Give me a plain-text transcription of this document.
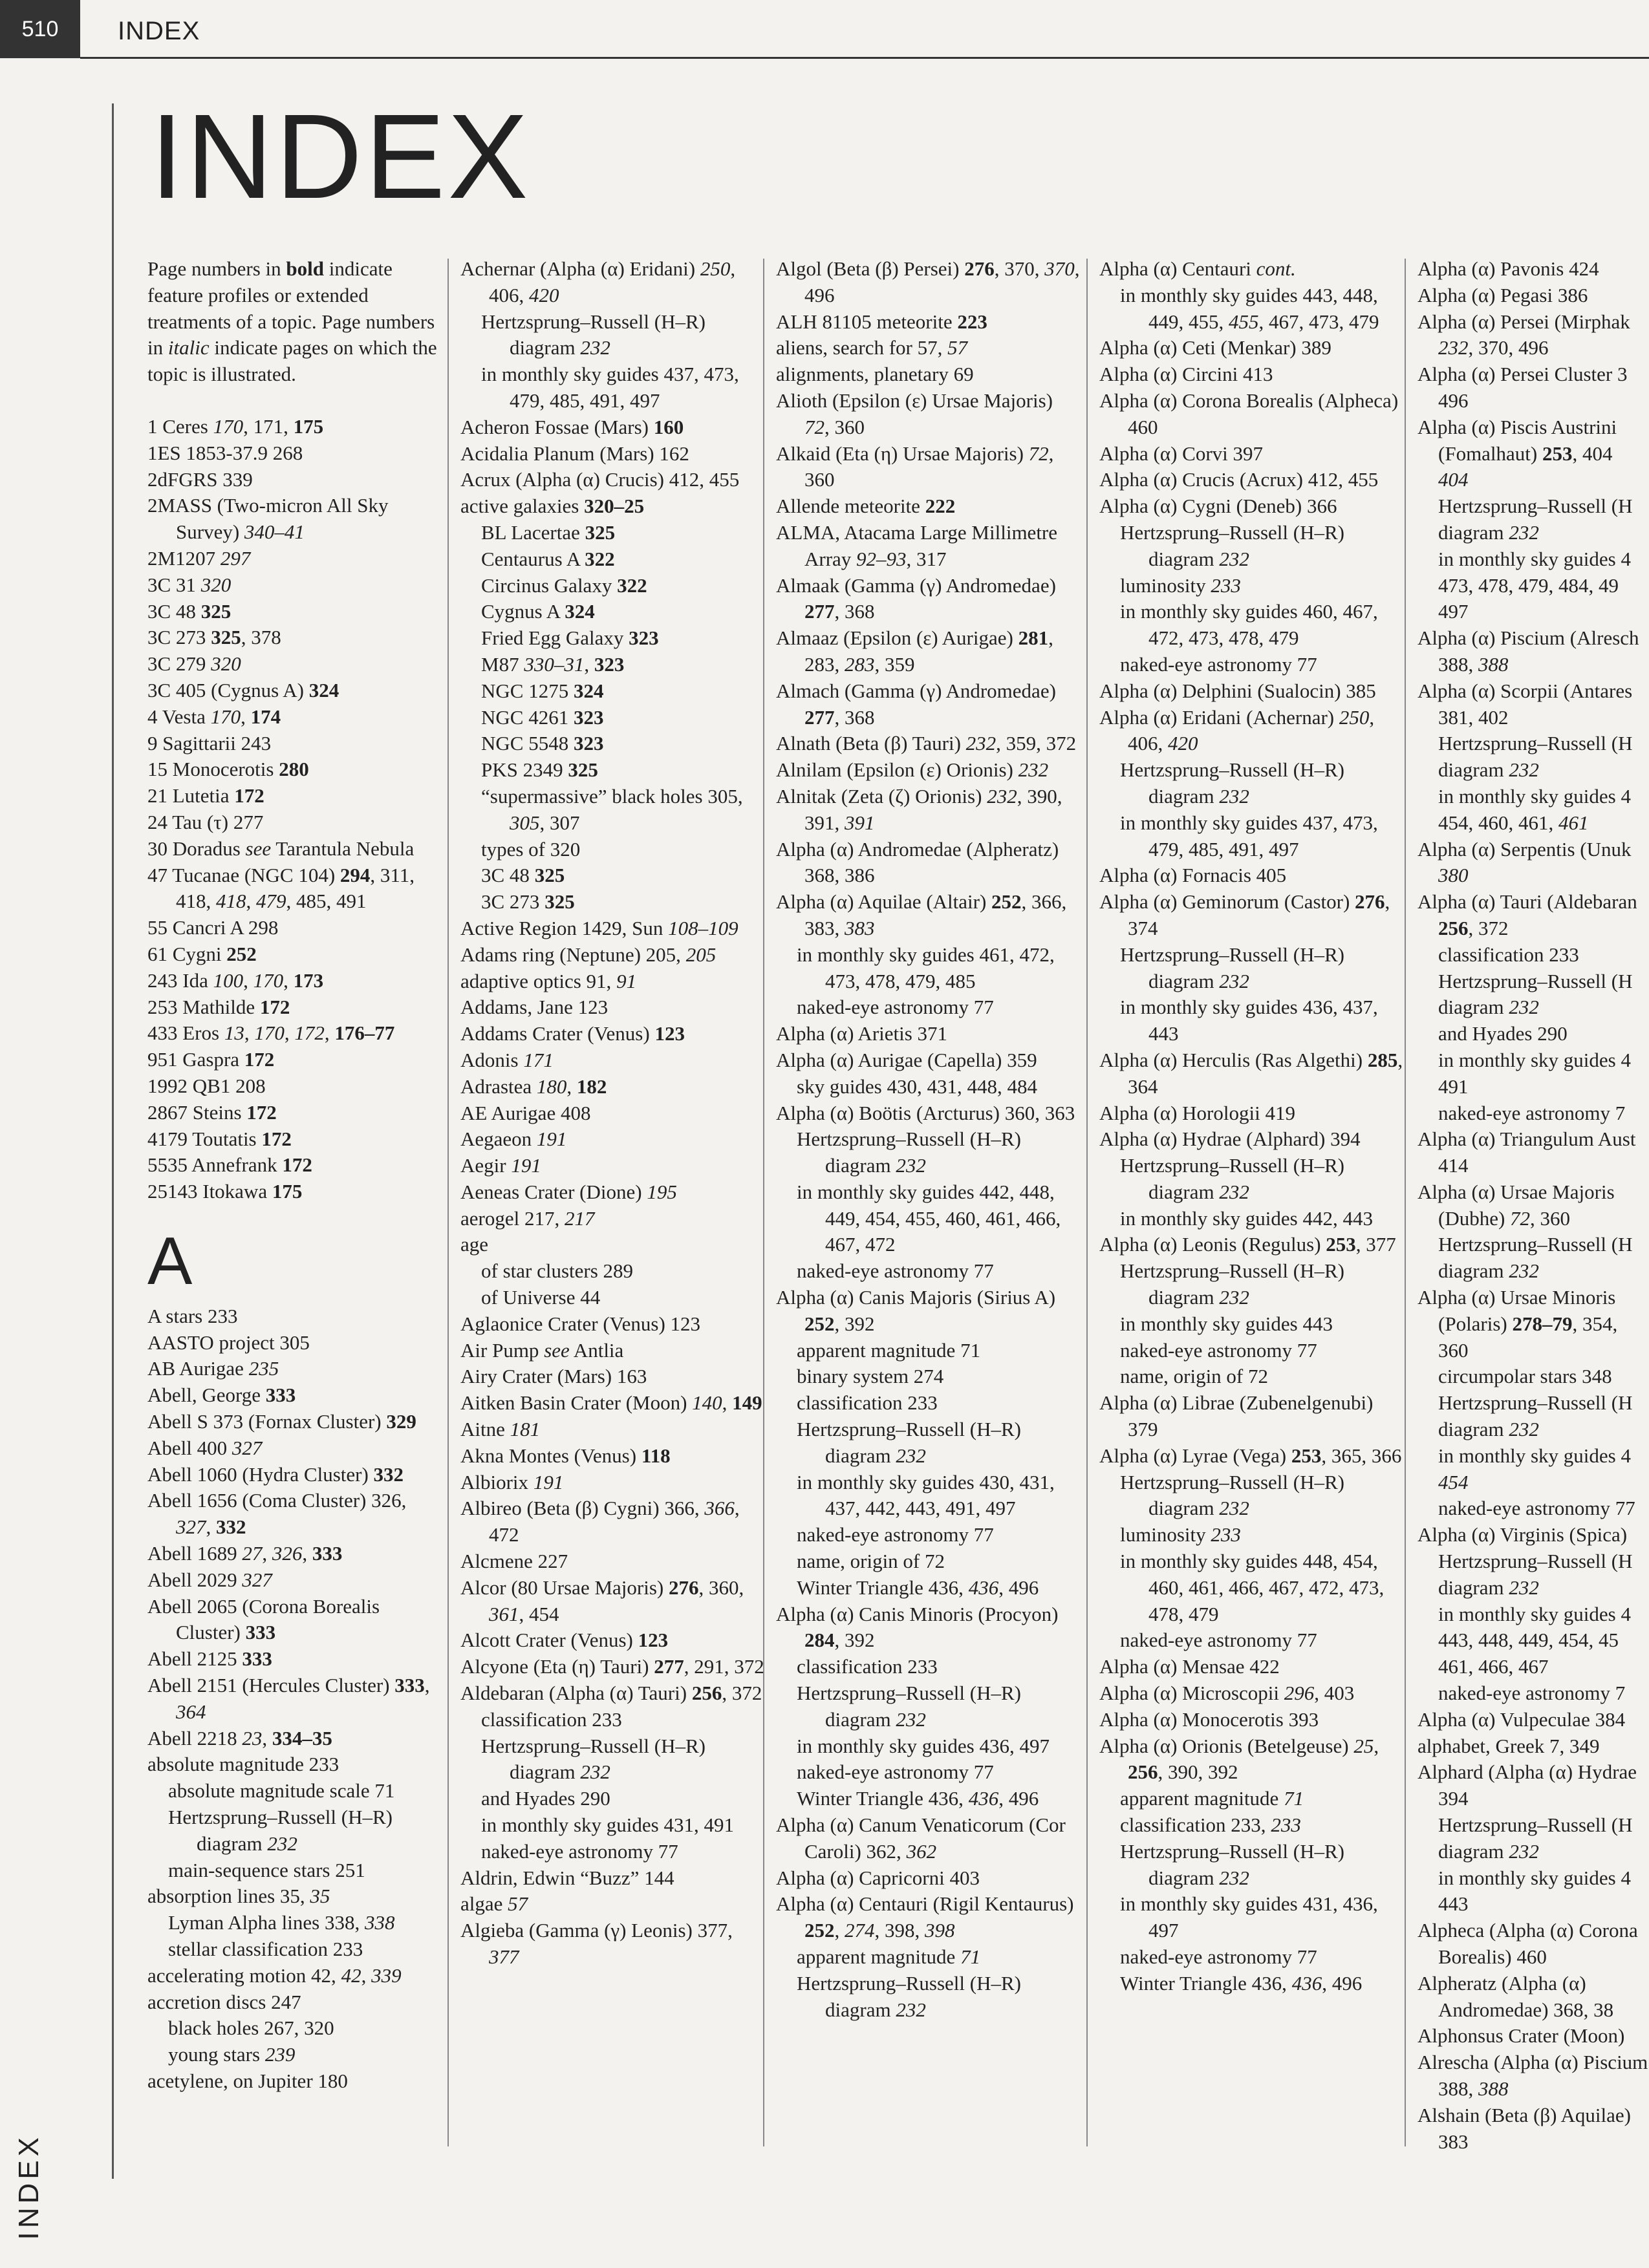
510	INDEX
INDEX
INDEX

Page numbers in bold indicate feature profiles or extended treatments of a topic. Page numbers in italic indicate pages on which the topic is illustrated.

1 Ceres 170, 171, 175

1ES 1853-37.9 268

2dFGRS 339

2MASS (Two-micron All Sky Survey) 340–41

2M1207 297

3C 31 320

3C 48 325

3C 273 325, 378

3C 279 320

3C 405 (Cygnus A) 324

4 Vesta 170, 174

9 Sagittarii 243

15 Monocerotis 280

21 Lutetia 172

24 Tau (τ) 277

30 Doradus see Tarantula Nebula

47 Tucanae (NGC 104) 294, 311, 418, 418, 479, 485, 491

55 Cancri A 298

61 Cygni 252

243 Ida 100, 170, 173

253 Mathilde 172

433 Eros 13, 170, 172, 176–77

951 Gaspra 172

1992 QB1 208

2867 Steins 172

4179 Toutatis 172

5535 Annefrank 172

25143 Itokawa 175

A

A stars 233

AASTO project 305

AB Aurigae 235

Abell, George 333

Abell S 373 (Fornax Cluster) 329

Abell 400 327

Abell 1060 (Hydra Cluster) 332

Abell 1656 (Coma Cluster) 326, 327, 332

Abell 1689 27, 326, 333

Abell 2029 327

Abell 2065 (Corona Borealis Cluster) 333

Abell 2125 333

Abell 2151 (Hercules Cluster) 333, 364

Abell 2218 23, 334–35

absolute magnitude 233

absolute magnitude scale 71

Hertzsprung–Russell (H–R) diagram 232

main-sequence stars 251

absorption lines 35, 35

Lyman Alpha lines 338, 338

stellar classification 233

accelerating motion 42, 42, 339

accretion discs 247

black holes 267, 320

young stars 239

acetylene, on Jupiter 180

Achernar (Alpha (α) Eridani) 250, 406, 420

Hertzsprung–Russell (H–R) diagram 232

in monthly sky guides 437, 473, 479, 485, 491, 497

Acheron Fossae (Mars) 160

Acidalia Planum (Mars) 162

Acrux (Alpha (α) Crucis) 412, 455

active galaxies 320–25

BL Lacertae 325

Centaurus A 322

Circinus Galaxy 322

Cygnus A 324

Fried Egg Galaxy 323

M87 330–31, 323

NGC 1275 324

NGC 4261 323

NGC 5548 323

PKS 2349 325

“supermassive” black holes 305, 305, 307

types of 320

3C 48 325

3C 273 325

Active Region 1429, Sun 108–109

Adams ring (Neptune) 205, 205

adaptive optics 91, 91

Addams, Jane 123

Addams Crater (Venus) 123

Adonis 171

Adrastea 180, 182

AE Aurigae 408

Aegaeon 191

Aegir 191

Aeneas Crater (Dione) 195

aerogel 217, 217

age

of star clusters 289

of Universe 44

Aglaonice Crater (Venus) 123

Air Pump see Antlia

Airy Crater (Mars) 163

Aitken Basin Crater (Moon) 140, 149

Aitne 181

Akna Montes (Venus) 118

Albiorix 191

Albireo (Beta (β) Cygni) 366, 366, 472

Alcmene 227

Alcor (80 Ursae Majoris) 276, 360, 361, 454

Alcott Crater (Venus) 123

Alcyone (Eta (η) Tauri) 277, 291, 372

Aldebaran (Alpha (α) Tauri) 256, 372

classification 233

Hertzsprung–Russell (H–R) diagram 232

and Hyades 290

in monthly sky guides 431, 491

naked-eye astronomy 77

Aldrin, Edwin “Buzz” 144

algae 57

Algieba (Gamma (γ) Leonis) 377, 377

Algol (Beta (β) Persei) 276, 370, 370, 496

ALH 81105 meteorite 223

aliens, search for 57, 57

alignments, planetary 69

Alioth (Epsilon (ε) Ursae Majoris) 72, 360

Alkaid (Eta (η) Ursae Majoris) 72, 360

Allende meteorite 222

ALMA, Atacama Large Millimetre Array 92–93, 317

Almaak (Gamma (γ) Andromedae) 277, 368

Almaaz (Epsilon (ε) Aurigae) 281, 283, 283, 359

Almach (Gamma (γ) Andromedae) 277, 368

Alnath (Beta (β) Tauri) 232, 359, 372

Alnilam (Epsilon (ε) Orionis) 232

Alnitak (Zeta (ζ) Orionis) 232, 390, 391, 391

Alpha (α) Andromedae (Alpheratz) 368, 386

Alpha (α) Aquilae (Altair) 252, 366, 383, 383

in monthly sky guides 461, 472, 473, 478, 479, 485

naked-eye astronomy 77

Alpha (α) Arietis 371

Alpha (α) Aurigae (Capella) 359

sky guides 430, 431, 448, 484

Alpha (α) Boötis (Arcturus) 360, 363

Hertzsprung–Russell (H–R) diagram 232

in monthly sky guides 442, 448, 449, 454, 455, 460, 461, 466, 467, 472

naked-eye astronomy 77

Alpha (α) Canis Majoris (Sirius A) 252, 392

apparent magnitude 71

binary system 274

classification 233

Hertzsprung–Russell (H–R) diagram 232

in monthly sky guides 430, 431, 437, 442, 443, 491, 497

naked-eye astronomy 77

name, origin of 72

Winter Triangle 436, 436, 496

Alpha (α) Canis Minoris (Procyon) 284, 392

classification 233

Hertzsprung–Russell (H–R) diagram 232

in monthly sky guides 436, 497

naked-eye astronomy 77

Winter Triangle 436, 436, 496

Alpha (α) Canum Venaticorum (Cor Caroli) 362, 362

Alpha (α) Capricorni 403

Alpha (α) Centauri (Rigil Kentaurus) 252, 274, 398, 398

apparent magnitude 71

Hertzsprung–Russell (H–R) diagram 232

Alpha (α) Centauri cont.

in monthly sky guides 443, 448, 449, 455, 455, 467, 473, 479

Alpha (α) Ceti (Menkar) 389

Alpha (α) Circini 413

Alpha (α) Corona Borealis (Alpheca) 460

Alpha (α) Corvi 397

Alpha (α) Crucis (Acrux) 412, 455

Alpha (α) Cygni (Deneb) 366

Hertzsprung–Russell (H–R) diagram 232

luminosity 233

in monthly sky guides 460, 467, 472, 473, 478, 479

naked-eye astronomy 77

Alpha (α) Delphini (Sualocin) 385

Alpha (α) Eridani (Achernar) 250, 406, 420

Hertzsprung–Russell (H–R) diagram 232

in monthly sky guides 437, 473, 479, 485, 491, 497

Alpha (α) Fornacis 405

Alpha (α) Geminorum (Castor) 276, 374

Hertzsprung–Russell (H–R) diagram 232

in monthly sky guides 436, 437, 443

Alpha (α) Herculis (Ras Algethi) 285, 364

Alpha (α) Horologii 419

Alpha (α) Hydrae (Alphard) 394

Hertzsprung–Russell (H–R) diagram 232

in monthly sky guides 442, 443

Alpha (α) Leonis (Regulus) 253, 377

Hertzsprung–Russell (H–R) diagram 232

in monthly sky guides 443

naked-eye astronomy 77

name, origin of 72

Alpha (α) Librae (Zubenelgenubi) 379

Alpha (α) Lyrae (Vega) 253, 365, 366

Hertzsprung–Russell (H–R) diagram 232

luminosity 233

in monthly sky guides 448, 454, 460, 461, 466, 467, 472, 473, 478, 479

naked-eye astronomy 77

Alpha (α) Mensae 422

Alpha (α) Microscopii 296, 403

Alpha (α) Monocerotis 393

Alpha (α) Orionis (Betelgeuse) 25, 256, 390, 392

apparent magnitude 71

classification 233, 233

Hertzsprung–Russell (H–R) diagram 232

in monthly sky guides 431, 436, 497

naked-eye astronomy 77

Winter Triangle 436, 436, 496

Alpha (α) Pavonis 424

Alpha (α) Pegasi 386

Alpha (α) Persei (Mirphak

232, 370, 496

Alpha (α) Persei Cluster 3

496

Alpha (α) Piscis Austrini

(Fomalhaut) 253, 404

404

Hertzsprung–Russell (H

diagram 232

in monthly sky guides 4

473, 478, 479, 484, 49

497

Alpha (α) Piscium (Alresch

388, 388

Alpha (α) Scorpii (Antares

381, 402

Hertzsprung–Russell (H

diagram 232

in monthly sky guides 4

454, 460, 461, 461

Alpha (α) Serpentis (Unuk

380

Alpha (α) Tauri (Aldebaran

256, 372

classification 233

Hertzsprung–Russell (H

diagram 232

and Hyades 290

in monthly sky guides 4

491

naked-eye astronomy 7

Alpha (α) Triangulum Aust

414

Alpha (α) Ursae Majoris

(Dubhe) 72, 360

Hertzsprung–Russell (H

diagram 232

Alpha (α) Ursae Minoris

(Polaris) 278–79, 354,

360

circumpolar stars 348

Hertzsprung–Russell (H

diagram 232

in monthly sky guides 4

454

naked-eye astronomy 77

Alpha (α) Virginis (Spica)

Hertzsprung–Russell (H

diagram 232

in monthly sky guides 4

443, 448, 449, 454, 45

461, 466, 467

naked-eye astronomy 7

Alpha (α) Vulpeculae 384

alphabet, Greek 7, 349

Alphard (Alpha (α) Hydrae

394

Hertzsprung–Russell (H

diagram 232

in monthly sky guides 4

443

Alpheca (Alpha (α) Corona

Borealis) 460

Alpheratz (Alpha (α)

Andromedae) 368, 38

Alphonsus Crater (Moon)

Alrescha (Alpha (α) Piscium

388, 388

Alshain (Beta (β) Aquilae)

383
